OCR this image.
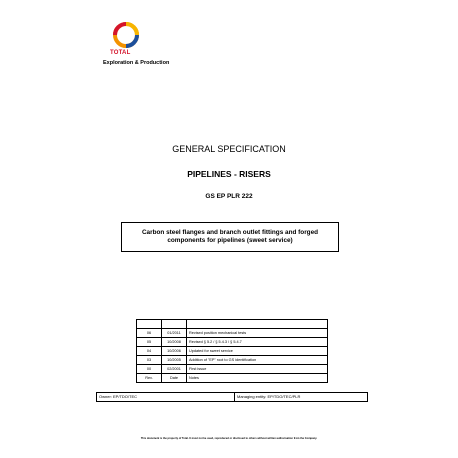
TOTAL
Exploration & Production
GENERAL SPECIFICATION
PIPELINES - RISERS
GS EP PLR 222
Carbon steel flanges and branch outlet fittings and forged components for pipelines (sweet service)

06	01/2011	Revised position mechanical tests
05	10/2008	Revised § 5.2 / § 5.4.3 / § 5.4.7
04	10/2006	Updated for sweet service
03	10/2005	Addition of "EP" root to GS identification
00	02/2001	First issue
Rev.	Date	Notes
Owner: EP/TDO/TEC	Managing entity: EP/TDO/TEC/PLR
This document is the property of Total. It must not be used, reproduced or disclosed to others without written authorisation from the Company.
